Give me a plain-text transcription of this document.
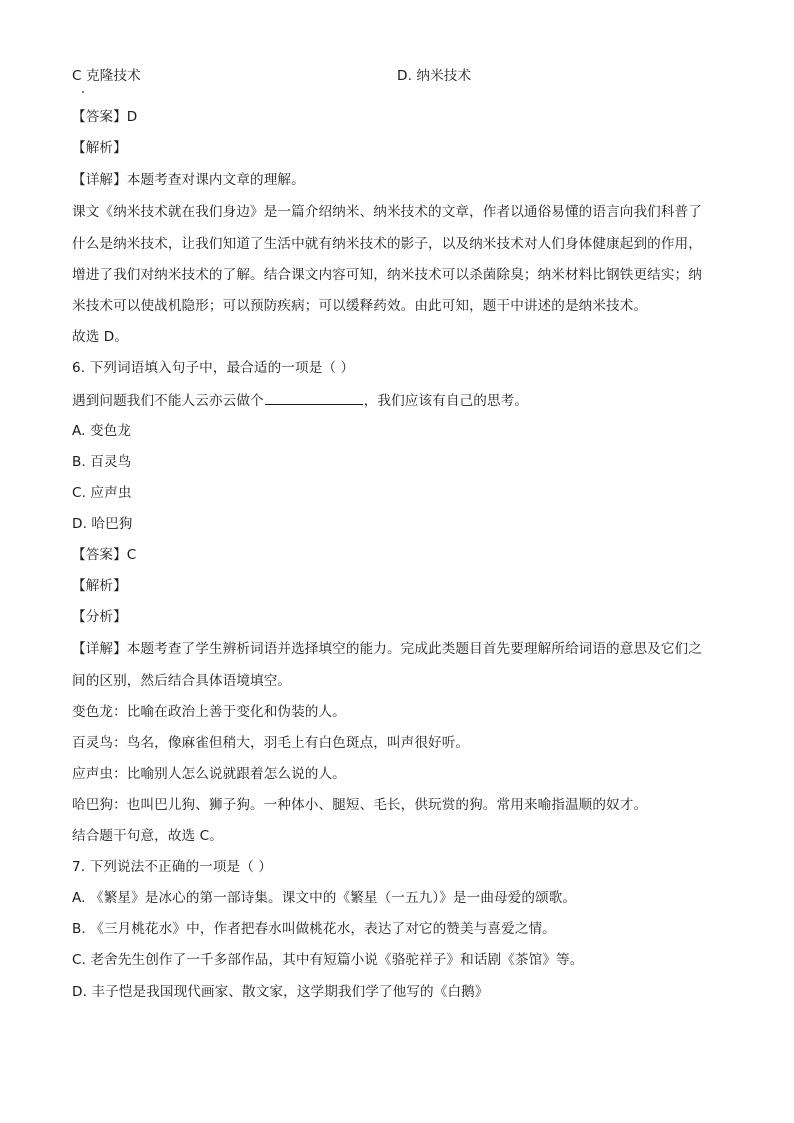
C 克隆技术	D. 纳米技术
【答案】D
【解析】
【详解】本题考查对课内文章的理解。
课文《纳米技术就在我们身边》是一篇介绍纳米、纳米技术的文章，作者以通俗易懂的语言向我们科普了
什么是纳米技术，让我们知道了生活中就有纳米技术的影子，以及纳米技术对人们身体健康起到的作用，
增进了我们对纳米技术的了解。结合课文内容可知，纳米技术可以杀菌除臭；纳米材料比钢铁更结实；纳
米技术可以使战机隐形；可以预防疾病；可以缓释药效。由此可知，题干中讲述的是纳米技术。
故选 D。
6. 下列词语填入句子中，最合适的一项是（ ）
遇到问题我们不能人云亦云做个	，我们应该有自己的思考。
A. 变色龙
B. 百灵鸟
C. 应声虫
D. 哈巴狗
【答案】C
【解析】
【分析】
【详解】本题考查了学生辨析词语并选择填空的能力。完成此类题目首先要理解所给词语的意思及它们之
间的区别，然后结合具体语境填空。
变色龙：比喻在政治上善于变化和伪装的人。
百灵鸟：鸟名，像麻雀但稍大，羽毛上有白色斑点，叫声很好听。
应声虫：比喻别人怎么说就跟着怎么说的人。
哈巴狗：也叫巴儿狗、狮子狗。一种体小、腿短、毛长，供玩赏的狗。常用来喻指温顺的奴才。
结合题干句意，故选 C。
7. 下列说法不正确的一项是（ ）
A. 《繁星》是冰心的第一部诗集。课文中的《繁星（一五九）》是一曲母爱的颂歌。
B. 《三月桃花水》中，作者把春水叫做桃花水，表达了对它的赞美与喜爱之情。
C. 老舍先生创作了一千多部作品，其中有短篇小说《骆驼祥子》和话剧《茶馆》等。
D. 丰子恺是我国现代画家、散文家，这学期我们学了他写的《白鹅》
